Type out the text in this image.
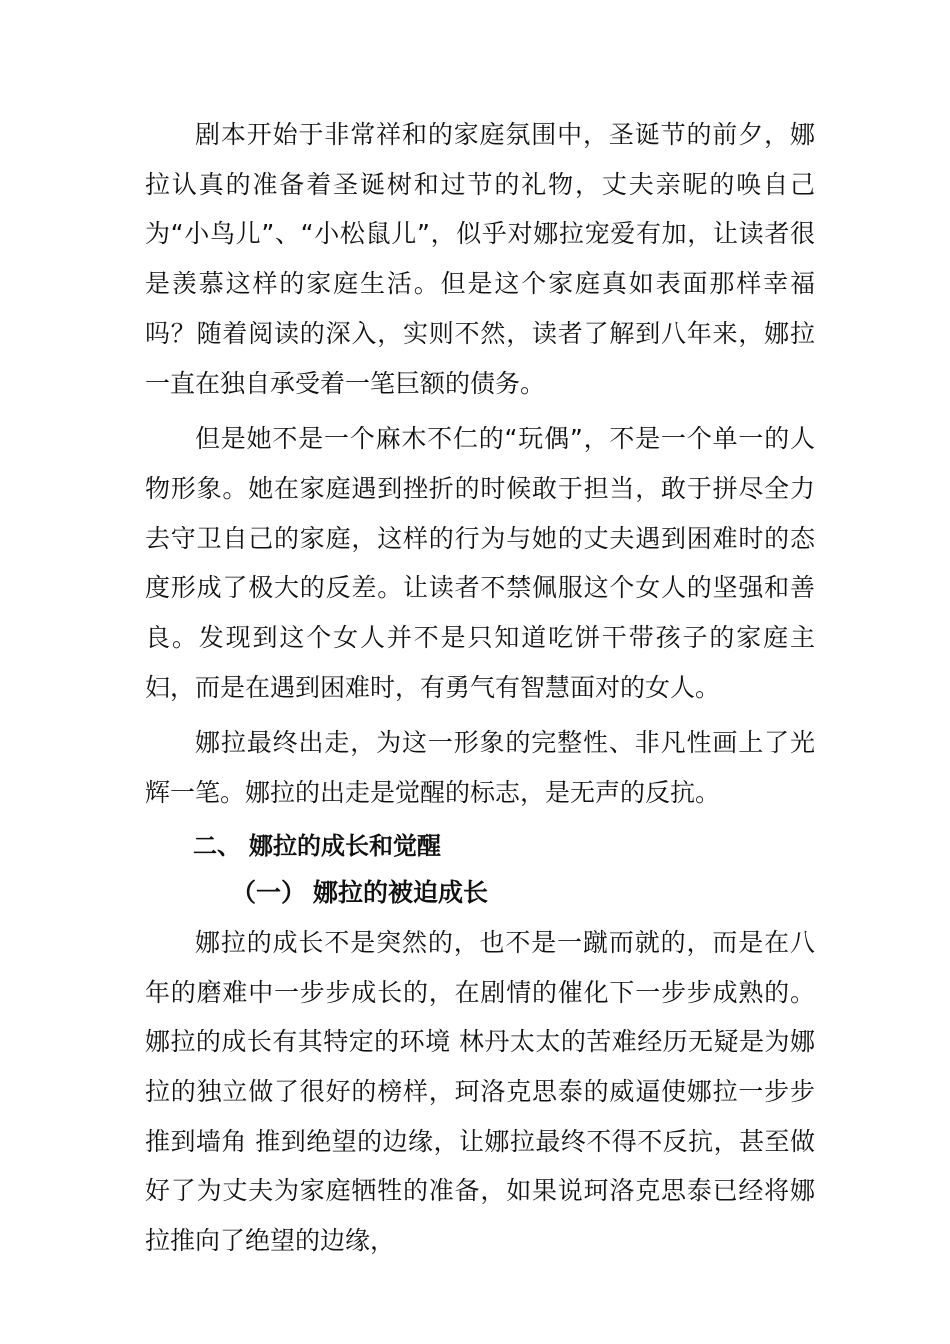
剧本开始于非常祥和的家庭氛围中，圣诞节的前夕，娜拉认真的准备着圣诞树和过节的礼物，丈夫亲昵的唤自己为“小鸟儿”、“小松鼠儿”，似乎对娜拉宠爱有加，让读者很是羡慕这样的家庭生活。但是这个家庭真如表面那样幸福吗？随着阅读的深入，实则不然，读者了解到八年来，娜拉一直在独自承受着一笔巨额的债务。

但是她不是一个麻木不仁的“玩偶”，不是一个单一的人物形象。她在家庭遇到挫折的时候敢于担当，敢于拼尽全力去守卫自己的家庭，这样的行为与她的丈夫遇到困难时的态度形成了极大的反差。让读者不禁佩服这个女人的坚强和善良。发现到这个女人并不是只知道吃饼干带孩子的家庭主妇，而是在遇到困难时，有勇气有智慧面对的女人。

娜拉最终出走，为这一形象的完整性、非凡性画上了光辉一笔。娜拉的出走是觉醒的标志，是无声的反抗。

二、 娜拉的成长和觉醒
（一） 娜拉的被迫成长

娜拉的成长不是突然的，也不是一蹴而就的，而是在八年的磨难中一步步成长的，在剧情的催化下一步步成熟的。娜拉的成长有其特定的环境 林丹太太的苦难经历无疑是为娜拉的独立做了很好的榜样，珂洛克思泰的威逼使娜拉一步步推到墙角 推到绝望的边缘，让娜拉最终不得不反抗，甚至做好了为丈夫为家庭牺牲的准备，如果说珂洛克思泰已经将娜拉推向了绝望的边缘，
